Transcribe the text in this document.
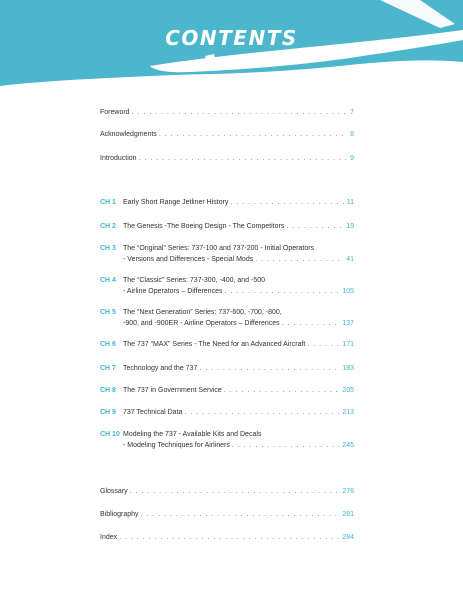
CONTENTS
Foreword . . .	7
Acknowledgments . . .	8
Introduction . . .	9
CH 1 Early Short Range Jetliner History . . .	11
CH 2 The Genesis -The Boeing Design - The Competitors . . .	19
CH 3 The “Original” Series: 737-100 and 737-200 - Initial Operators
- Versions and Differences - Special Mods . . .	41
CH 4 The “Classic” Series: 737-300, -400, and -500
- Airline Operators – Differences . . .	105
CH 5 The “Next Generation” Series: 737-600, -700, -800,
-900, and -900ER - Airline Operators – Differences . . .	137
CH 6 The 737 “MAX” Series - The Need for an Advanced Aircraft . . .	171
CH 7 Technology and the 737 . . .	183
CH 8 The 737 in Government Service . . .	205
CH 9 737 Technical Data . . .	213
CH 10 Modeling the 737 - Available Kits and Decals
- Modeling Techniques for Airliners . . .	245
Glossary . . .	276
Bibliography . . .	281
Index . . .	284
